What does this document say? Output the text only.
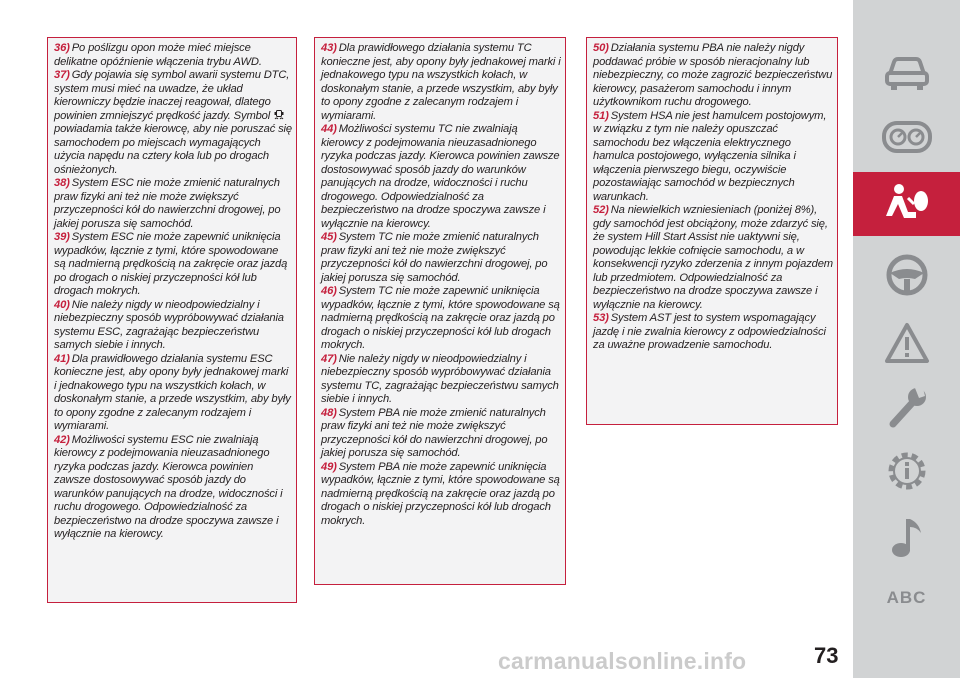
36) Po poślizgu opon może mieć miejsce delikatne opóźnienie włączenia trybu AWD.

37) Gdy pojawia się symbol awarii systemu DTC, system musi mieć na uwadze, że układ kierowniczy będzie inaczej reagował, dlatego powinien zmniejszyć prędkość jazdy. Symbol powiadamia także kierowcę, aby nie poruszać się samochodem po miejscach wymagających użycia napędu na cztery koła lub po drogach ośnieżonych.

38) System ESC nie może zmienić naturalnych praw fizyki ani też nie może zwiększyć przyczepności kół do nawierzchni drogowej, po jakiej porusza się samochód.

39) System ESC nie może zapewnić uniknięcia wypadków, łącznie z tymi, które spowodowane są nadmierną prędkością na zakręcie oraz jazdą po drogach o niskiej przyczepności kół lub drogach mokrych.

40) Nie należy nigdy w nieodpowiedzialny i niebezpieczny sposób wypróbowywać działania systemu ESC, zagrażając bezpieczeństwu samych siebie i innych.

41) Dla prawidłowego działania systemu ESC konieczne jest, aby opony były jednakowej marki i jednakowego typu na wszystkich kołach, w doskonałym stanie, a przede wszystkim, aby były to opony zgodne z zalecanym rodzajem i wymiarami.

42) Możliwości systemu ESC nie zwalniają kierowcy z podejmowania nieuzasadnionego ryzyka podczas jazdy. Kierowca powinien zawsze dostosowywać sposób jazdy do warunków panujących na drodze, widoczności i ruchu drogowego. Odpowiedzialność za bezpieczeństwo na drodze spoczywa zawsze i wyłącznie na kierowcy.

43) Dla prawidłowego działania systemu TC konieczne jest, aby opony były jednakowej marki i jednakowego typu na wszystkich kołach, w doskonałym stanie, a przede wszystkim, aby były to opony zgodne z zalecanym rodzajem i wymiarami.

44) Możliwości systemu TC nie zwalniają kierowcy z podejmowania nieuzasadnionego ryzyka podczas jazdy. Kierowca powinien zawsze dostosowywać sposób jazdy do warunków panujących na drodze, widoczności i ruchu drogowego. Odpowiedzialność za bezpieczeństwo na drodze spoczywa zawsze i wyłącznie na kierowcy.

45) System TC nie może zmienić naturalnych praw fizyki ani też nie może zwiększyć przyczepności kół do nawierzchni drogowej, po jakiej porusza się samochód.

46) System TC nie może zapewnić uniknięcia wypadków, łącznie z tymi, które spowodowane są nadmierną prędkością na zakręcie oraz jazdą po drogach o niskiej przyczepności kół lub drogach mokrych.

47) Nie należy nigdy w nieodpowiedzialny i niebezpieczny sposób wypróbowywać działania systemu TC, zagrażając bezpieczeństwu samych siebie i innych.

48) System PBA nie może zmienić naturalnych praw fizyki ani też nie może zwiększyć przyczepności kół do nawierzchni drogowej, po jakiej porusza się samochód.

49) System PBA nie może zapewnić uniknięcia wypadków, łącznie z tymi, które spowodowane są nadmierną prędkością na zakręcie oraz jazdą po drogach o niskiej przyczepności kół lub drogach mokrych.

50) Działania systemu PBA nie należy nigdy poddawać próbie w sposób nieracjonalny lub niebezpieczny, co może zagrozić bezpieczeństwu kierowcy, pasażerom samochodu i innym użytkownikom ruchu drogowego.

51) System HSA nie jest hamulcem postojowym, w związku z tym nie należy opuszczać samochodu bez włączenia elektrycznego hamulca postojowego, wyłączenia silnika i włączenia pierwszego biegu, oczywiście pozostawiając samochód w bezpiecznych warunkach.

52) Na niewielkich wzniesieniach (poniżej 8%), gdy samochód jest obciążony, może zdarzyć się, że system Hill Start Assist nie uaktywni się, powodując lekkie cofnięcie samochodu, a w konsekwencji ryzyko zderzenia z innym pojazdem lub przedmiotem. Odpowiedzialność za bezpieczeństwo na drodze spoczywa zawsze i wyłącznie na kierowcy.

53) System AST jest to system wspomagający jazdę i nie zwalnia kierowcy z odpowiedzialności za uważne prowadzenie samochodu.

ABC
carmanualsonline.info	73
